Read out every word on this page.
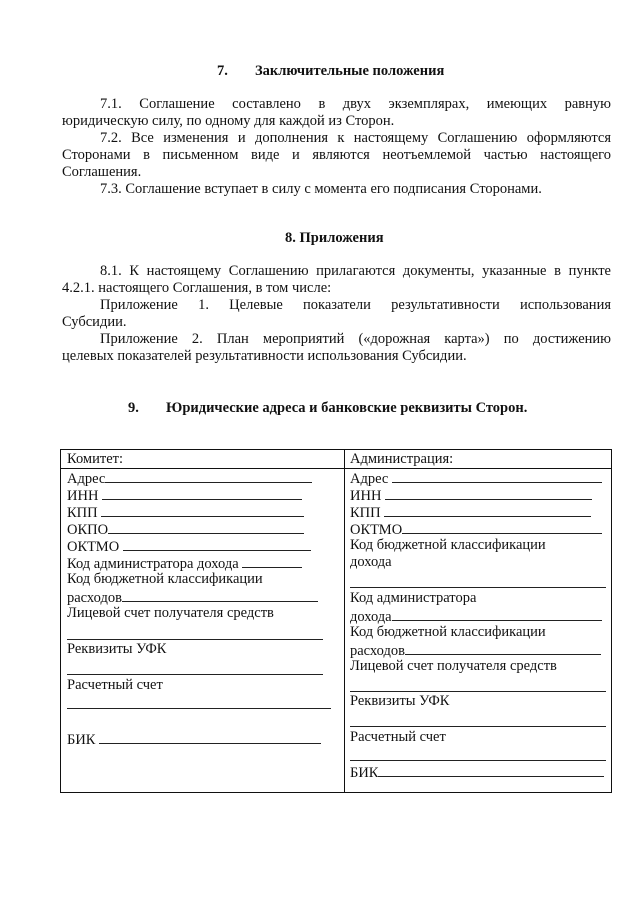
7. Заключительные положения
7.1. Соглашение составлено в двух экземплярах, имеющих равную
юридическую силу, по одному для каждой из Сторон.
7.2. Все изменения и дополнения к настоящему Соглашению оформляются
Сторонами в письменном виде и являются неотъемлемой частью настоящего
Соглашения.
7.3. Соглашение вступает в силу с момента его подписания Сторонами.
8. Приложения
8.1. К настоящему Соглашению прилагаются документы, указанные в пункте
4.2.1. настоящего Соглашения, в том числе:
Приложение 1. Целевые показатели результативности использования
Субсидии.
Приложение 2. План мероприятий («дорожная карта») по достижению
целевых показателей результативности использования Субсидии.
9. Юридические адреса и банковские реквизиты Сторон.
Комитет:
Адрес
ИНН
КПП
ОКПО
ОКТМО
Код администратора дохода
Код бюджетной классификации
расходов
Лицевой счет получателя средств
Реквизиты УФК
Расчетный счет
БИК
Администрация:
Адрес
ИНН
КПП
ОКТМО
Код бюджетной классификации
дохода
Код администратора
дохода
Код бюджетной классификации
расходов
Лицевой счет получателя средств
Реквизиты УФК
Расчетный счет
БИК
